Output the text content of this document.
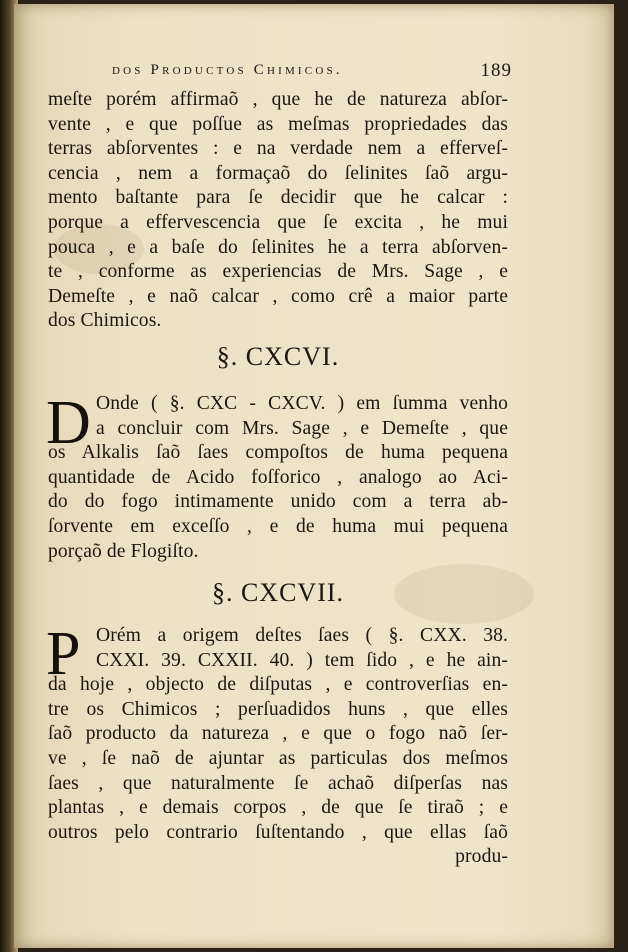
dos Productos Chimicos.	189
meſte porém affirmaõ , que he de natureza abſor-
vente , e que poſſue as meſmas propriedades das
terras abſorventes : e na verdade nem a efferveſ-
cencia , nem a formaçaõ do ſelinites ſaõ argu-
mento baſtante para ſe decidir que he calcar :
porque a effervescencia que ſe excita , he mui
pouca , e a baſe do ſelinites he a terra abſorven-
te , conforme as experiencias de Mrs. Sage , e
Demeſte , e naõ calcar , como crê a maior parte
dos Chimicos.
§. CXCVI.
D Onde ( §. CXC - CXCV. ) em ſumma venho
a concluir com Mrs. Sage , e Demeſte , que
os Alkalis ſaõ ſaes compoſtos de huma pequena
quantidade de Acido foſforico , analogo ao Aci-
do do fogo intimamente unido com a terra ab-
ſorvente em exceſſo , e de huma mui pequena
porçaõ de Flogiſto.
§. CXCVII.
P Orém a origem deſtes ſaes ( §. CXX. 38.
CXXI. 39. CXXII. 40. ) tem ſido , e he ain-
da hoje , objecto de diſputas , e controverſias en-
tre os Chimicos ; perſuadidos huns , que elles
ſaõ producto da natureza , e que o fogo naõ ſer-
ve , ſe naõ de ajuntar as particulas dos meſmos
ſaes , que naturalmente ſe achaõ diſperſas nas
plantas , e demais corpos , de que ſe tiraõ ; e
outros pelo contrario ſuſtentando , que ellas ſaõ
produ-
